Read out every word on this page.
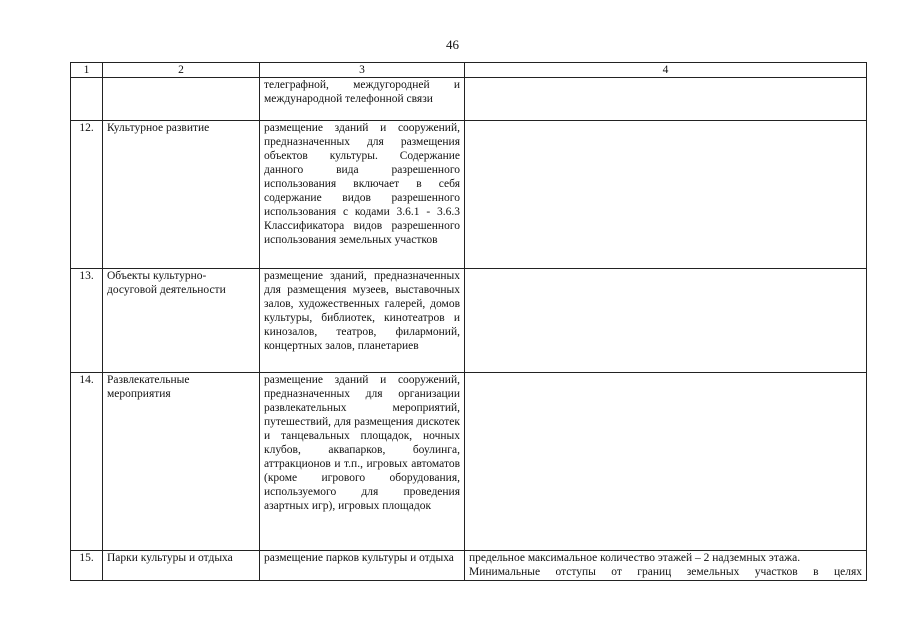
46
1	2	3	4
		телеграфной, междугородней и международной телефонной связи	
12.	Культурное развитие	размещение зданий и сооружений, предназначенных для размещения объектов культуры. Содержание данного вида разрешенного использования включает в себя содержание видов разрешенного использования с кодами 3.6.1 - 3.6.3 Классификатора видов разрешенного использования земельных участков	
13.	Объекты культурно-досуговой деятельности	размещение зданий, предназначенных для размещения музеев, выставочных залов, художественных галерей, домов культуры, библиотек, кинотеатров и кинозалов, театров, филармоний, концертных залов, планетариев	
14.	Развлекательные мероприятия	размещение зданий и сооружений, предназначенных для организации развлекательных мероприятий, путешествий, для размещения дискотек и танцевальных площадок, ночных клубов, аквапарков, боулинга, аттракционов и т.п., игровых автоматов (кроме игрового оборудования, используемого для проведения азартных игр), игровых площадок	
15.	Парки культуры и отдыха	размещение парков культуры и отдыха	предельное максимальное количество этажей – 2 надземных этажа.
Минимальные отступы от границ земельных участков в целях
